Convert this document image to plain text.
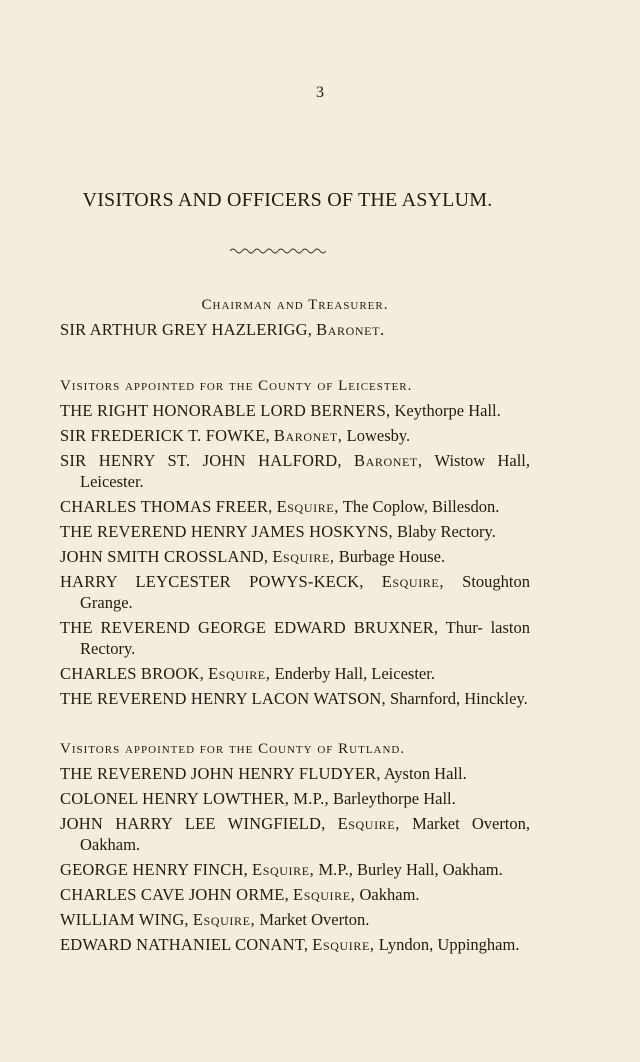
3
VISITORS AND OFFICERS OF THE ASYLUM.

Chairman and Treasurer.

SIR ARTHUR GREY HAZLERIGG, Baronet.

Visitors appointed for the County of Leicester.

THE RIGHT HONORABLE LORD BERNERS, Keythorpe Hall.

SIR FREDERICK T. FOWKE, Baronet, Lowesby.

SIR HENRY ST. JOHN HALFORD, Baronet, Wistow Hall, Leicester.

CHARLES THOMAS FREER, Esquire, The Coplow, Billesdon.

THE REVEREND HENRY JAMES HOSKYNS, Blaby Rectory.

JOHN SMITH CROSSLAND, Esquire, Burbage House.

HARRY LEYCESTER POWYS-KECK, Esquire, Stoughton Grange.

THE REVEREND GEORGE EDWARD BRUXNER, Thur- laston Rectory.

CHARLES BROOK, Esquire, Enderby Hall, Leicester.

THE REVEREND HENRY LACON WATSON, Sharnford, Hinckley.

Visitors appointed for the County of Rutland.

THE REVEREND JOHN HENRY FLUDYER, Ayston Hall.

COLONEL HENRY LOWTHER, M.P., Barleythorpe Hall.

JOHN HARRY LEE WINGFIELD, Esquire, Market Overton, Oakham.

GEORGE HENRY FINCH, Esquire, M.P., Burley Hall, Oakham.

CHARLES CAVE JOHN ORME, Esquire, Oakham.

WILLIAM WING, Esquire, Market Overton.

EDWARD NATHANIEL CONANT, Esquire, Lyndon, Uppingham.
